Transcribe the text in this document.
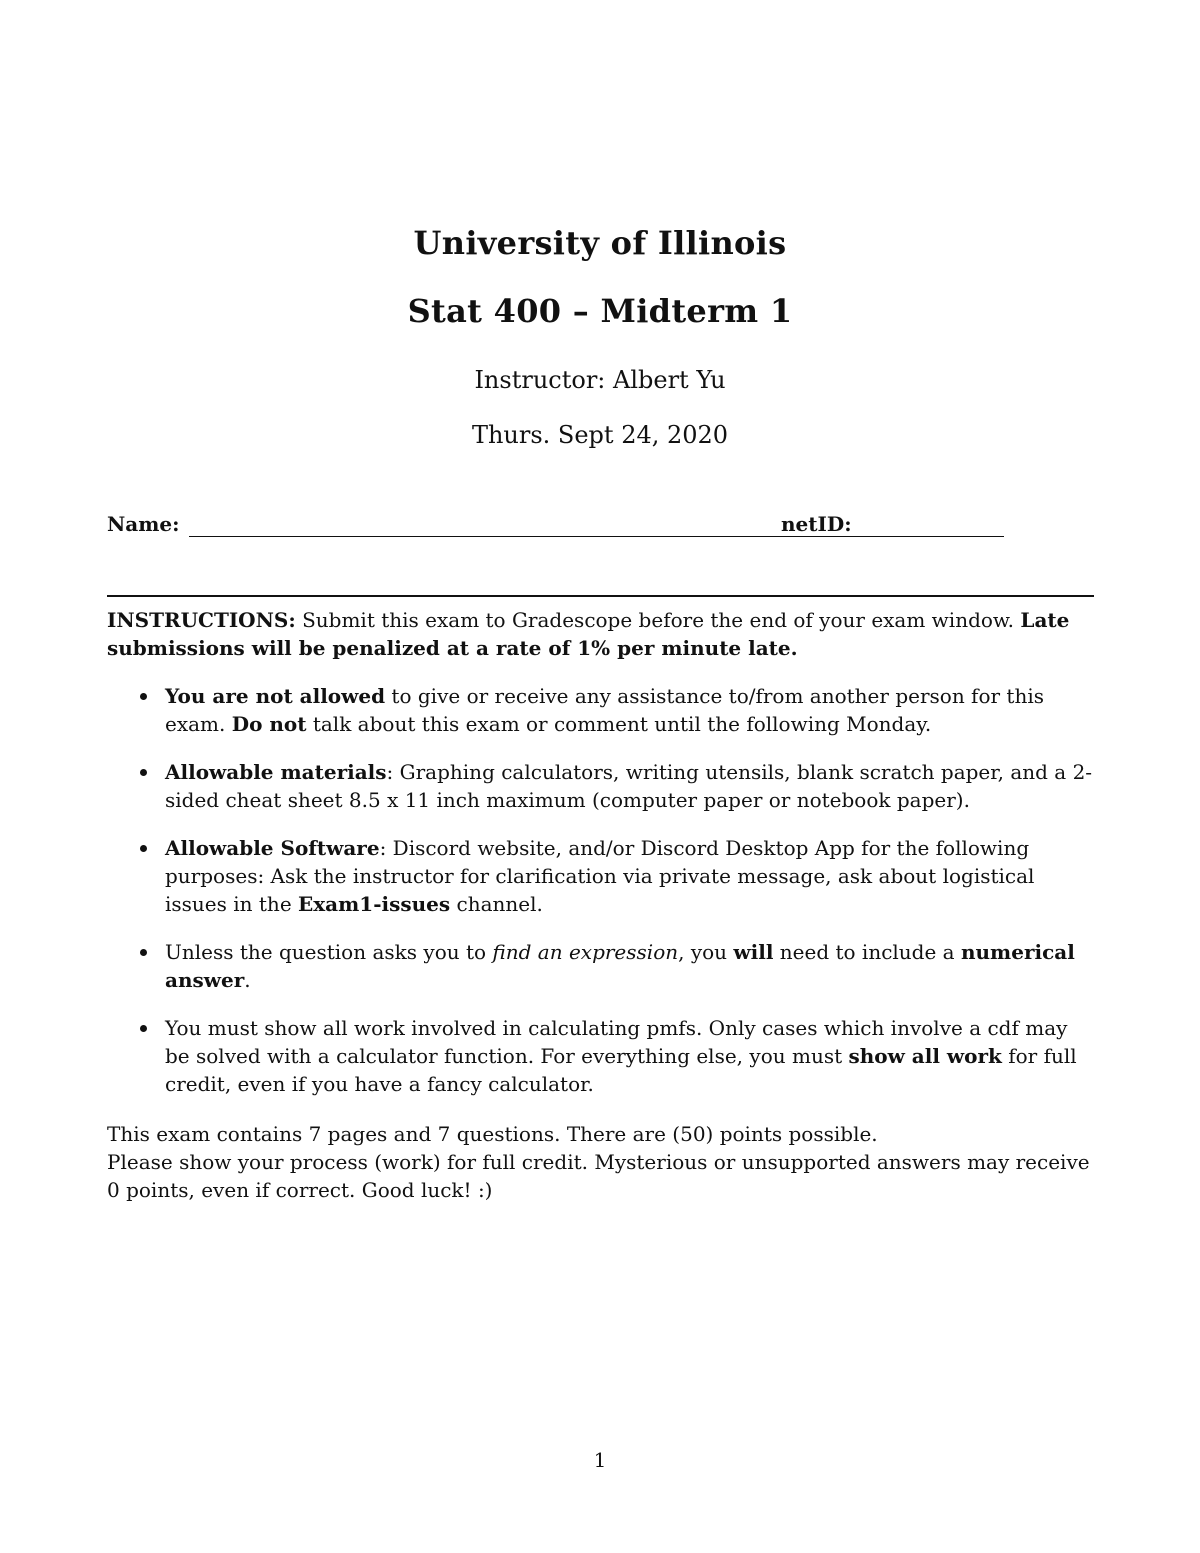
University of Illinois
Stat 400 – Midterm 1
Instructor: Albert Yu
Thurs. Sept 24, 2020
Name:	netID:
INSTRUCTIONS: Submit this exam to Gradescope before the end of your exam window. Late submissions will be penalized at a rate of 1% per minute late.
You are not allowed to give or receive any assistance to/from another person for this exam. Do not talk about this exam or comment until the following Monday.
Allowable materials: Graphing calculators, writing utensils, blank scratch paper, and a 2-sided cheat sheet 8.5 x 11 inch maximum (computer paper or notebook paper).
Allowable Software: Discord website, and/or Discord Desktop App for the following purposes: Ask the instructor for clarification via private message, ask about logistical issues in the Exam1-issues channel.
Unless the question asks you to find an expression, you will need to include a numerical answer.
You must show all work involved in calculating pmfs. Only cases which involve a cdf may be solved with a calculator function. For everything else, you must show all work for full credit, even if you have a fancy calculator.
This exam contains 7 pages and 7 questions. There are (50) points possible.
Please show your process (work) for full credit. Mysterious or unsupported answers may receive 0 points, even if correct. Good luck! :)
1
